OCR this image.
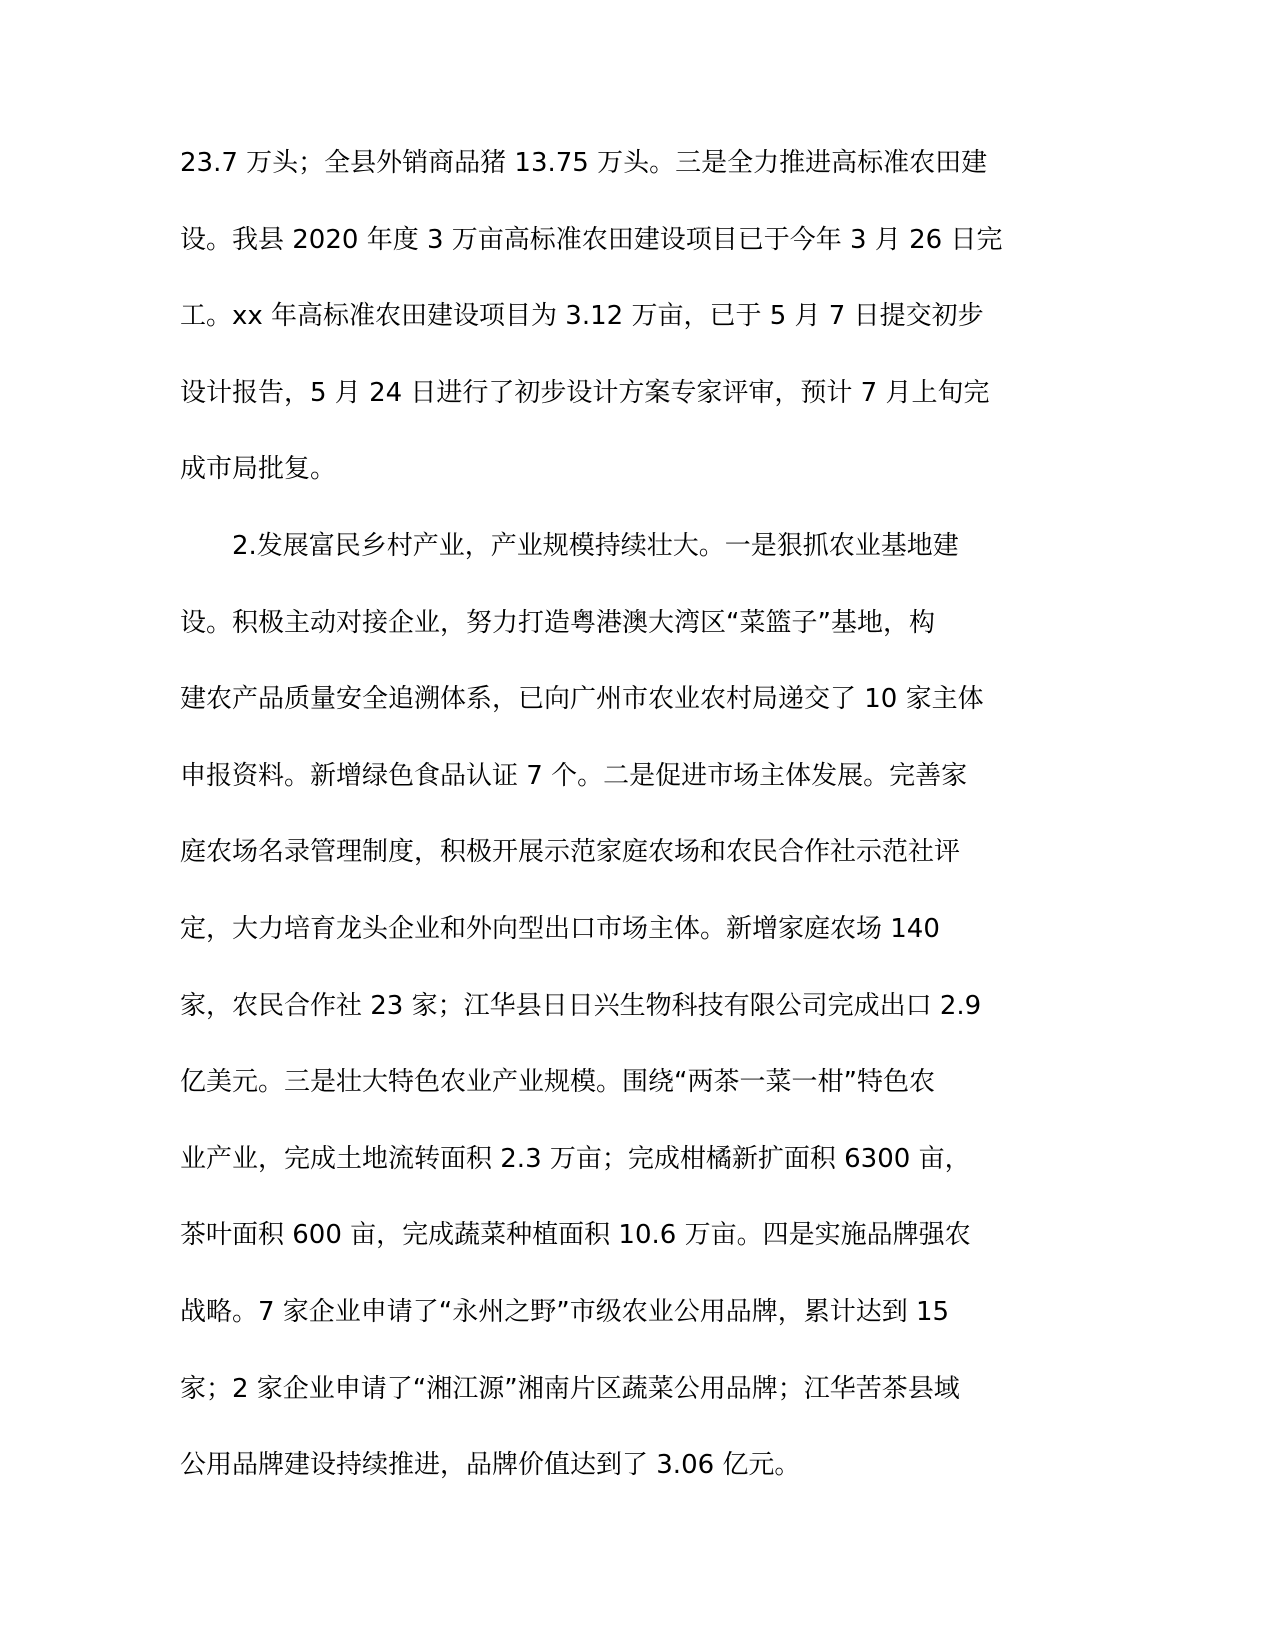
23.7 万头；全县外销商品猪 13.75 万头。三是全力推进高标准农田建

设。我县 2020 年度 3 万亩高标准农田建设项目已于今年 3 月 26 日完

工。xx 年高标准农田建设项目为 3.12 万亩，已于 5 月 7 日提交初步

设计报告，5 月 24 日进行了初步设计方案专家评审，预计 7 月上旬完

成市局批复。

2.发展富民乡村产业，产业规模持续壮大。一是狠抓农业基地建

设。积极主动对接企业，努力打造粤港澳大湾区“菜篮子”基地，构

建农产品质量安全追溯体系，已向广州市农业农村局递交了 10 家主体

申报资料。新增绿色食品认证 7 个。二是促进市场主体发展。完善家

庭农场名录管理制度，积极开展示范家庭农场和农民合作社示范社评

定，大力培育龙头企业和外向型出口市场主体。新增家庭农场 140

家，农民合作社 23 家；江华县日日兴生物科技有限公司完成出口 2.9

亿美元。三是壮大特色农业产业规模。围绕“两茶一菜一柑”特色农

业产业，完成土地流转面积 2.3 万亩；完成柑橘新扩面积 6300 亩，

茶叶面积 600 亩，完成蔬菜种植面积 10.6 万亩。四是实施品牌强农

战略。7 家企业申请了“永州之野”市级农业公用品牌，累计达到 15

家；2 家企业申请了“湘江源”湘南片区蔬菜公用品牌；江华苦茶县域

公用品牌建设持续推进，品牌价值达到了 3.06 亿元。
